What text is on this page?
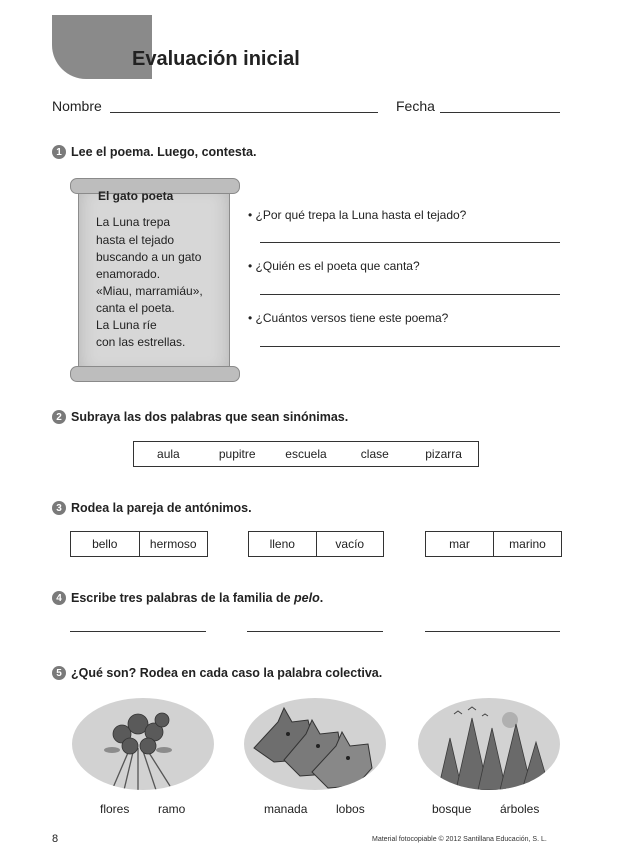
Evaluación inicial
Nombre	Fecha
1 Lee el poema. Luego, contesta.
El gato poeta
La Luna trepa
hasta el tejado
buscando a un gato
enamorado.
«Miau, marramiáu»,
canta el poeta.
La Luna ríe
con las estrellas.
• ¿Por qué trepa la Luna hasta el tejado?
• ¿Quién es el poeta que canta?
• ¿Cuántos versos tiene este poema?
2 Subraya las dos palabras que sean sinónimas.
aula	pupitre	escuela	clase	pizarra
3 Rodea la pareja de antónimos.
bello	hermoso	lleno	vacío	mar	marino
4 Escribe tres palabras de la familia de pelo .
5 ¿Qué son? Rodea en cada caso la palabra colectiva.
flores ramo	manada lobos	bosque árboles
8	Material fotocopiable © 2012 Santillana Educación, S. L.
